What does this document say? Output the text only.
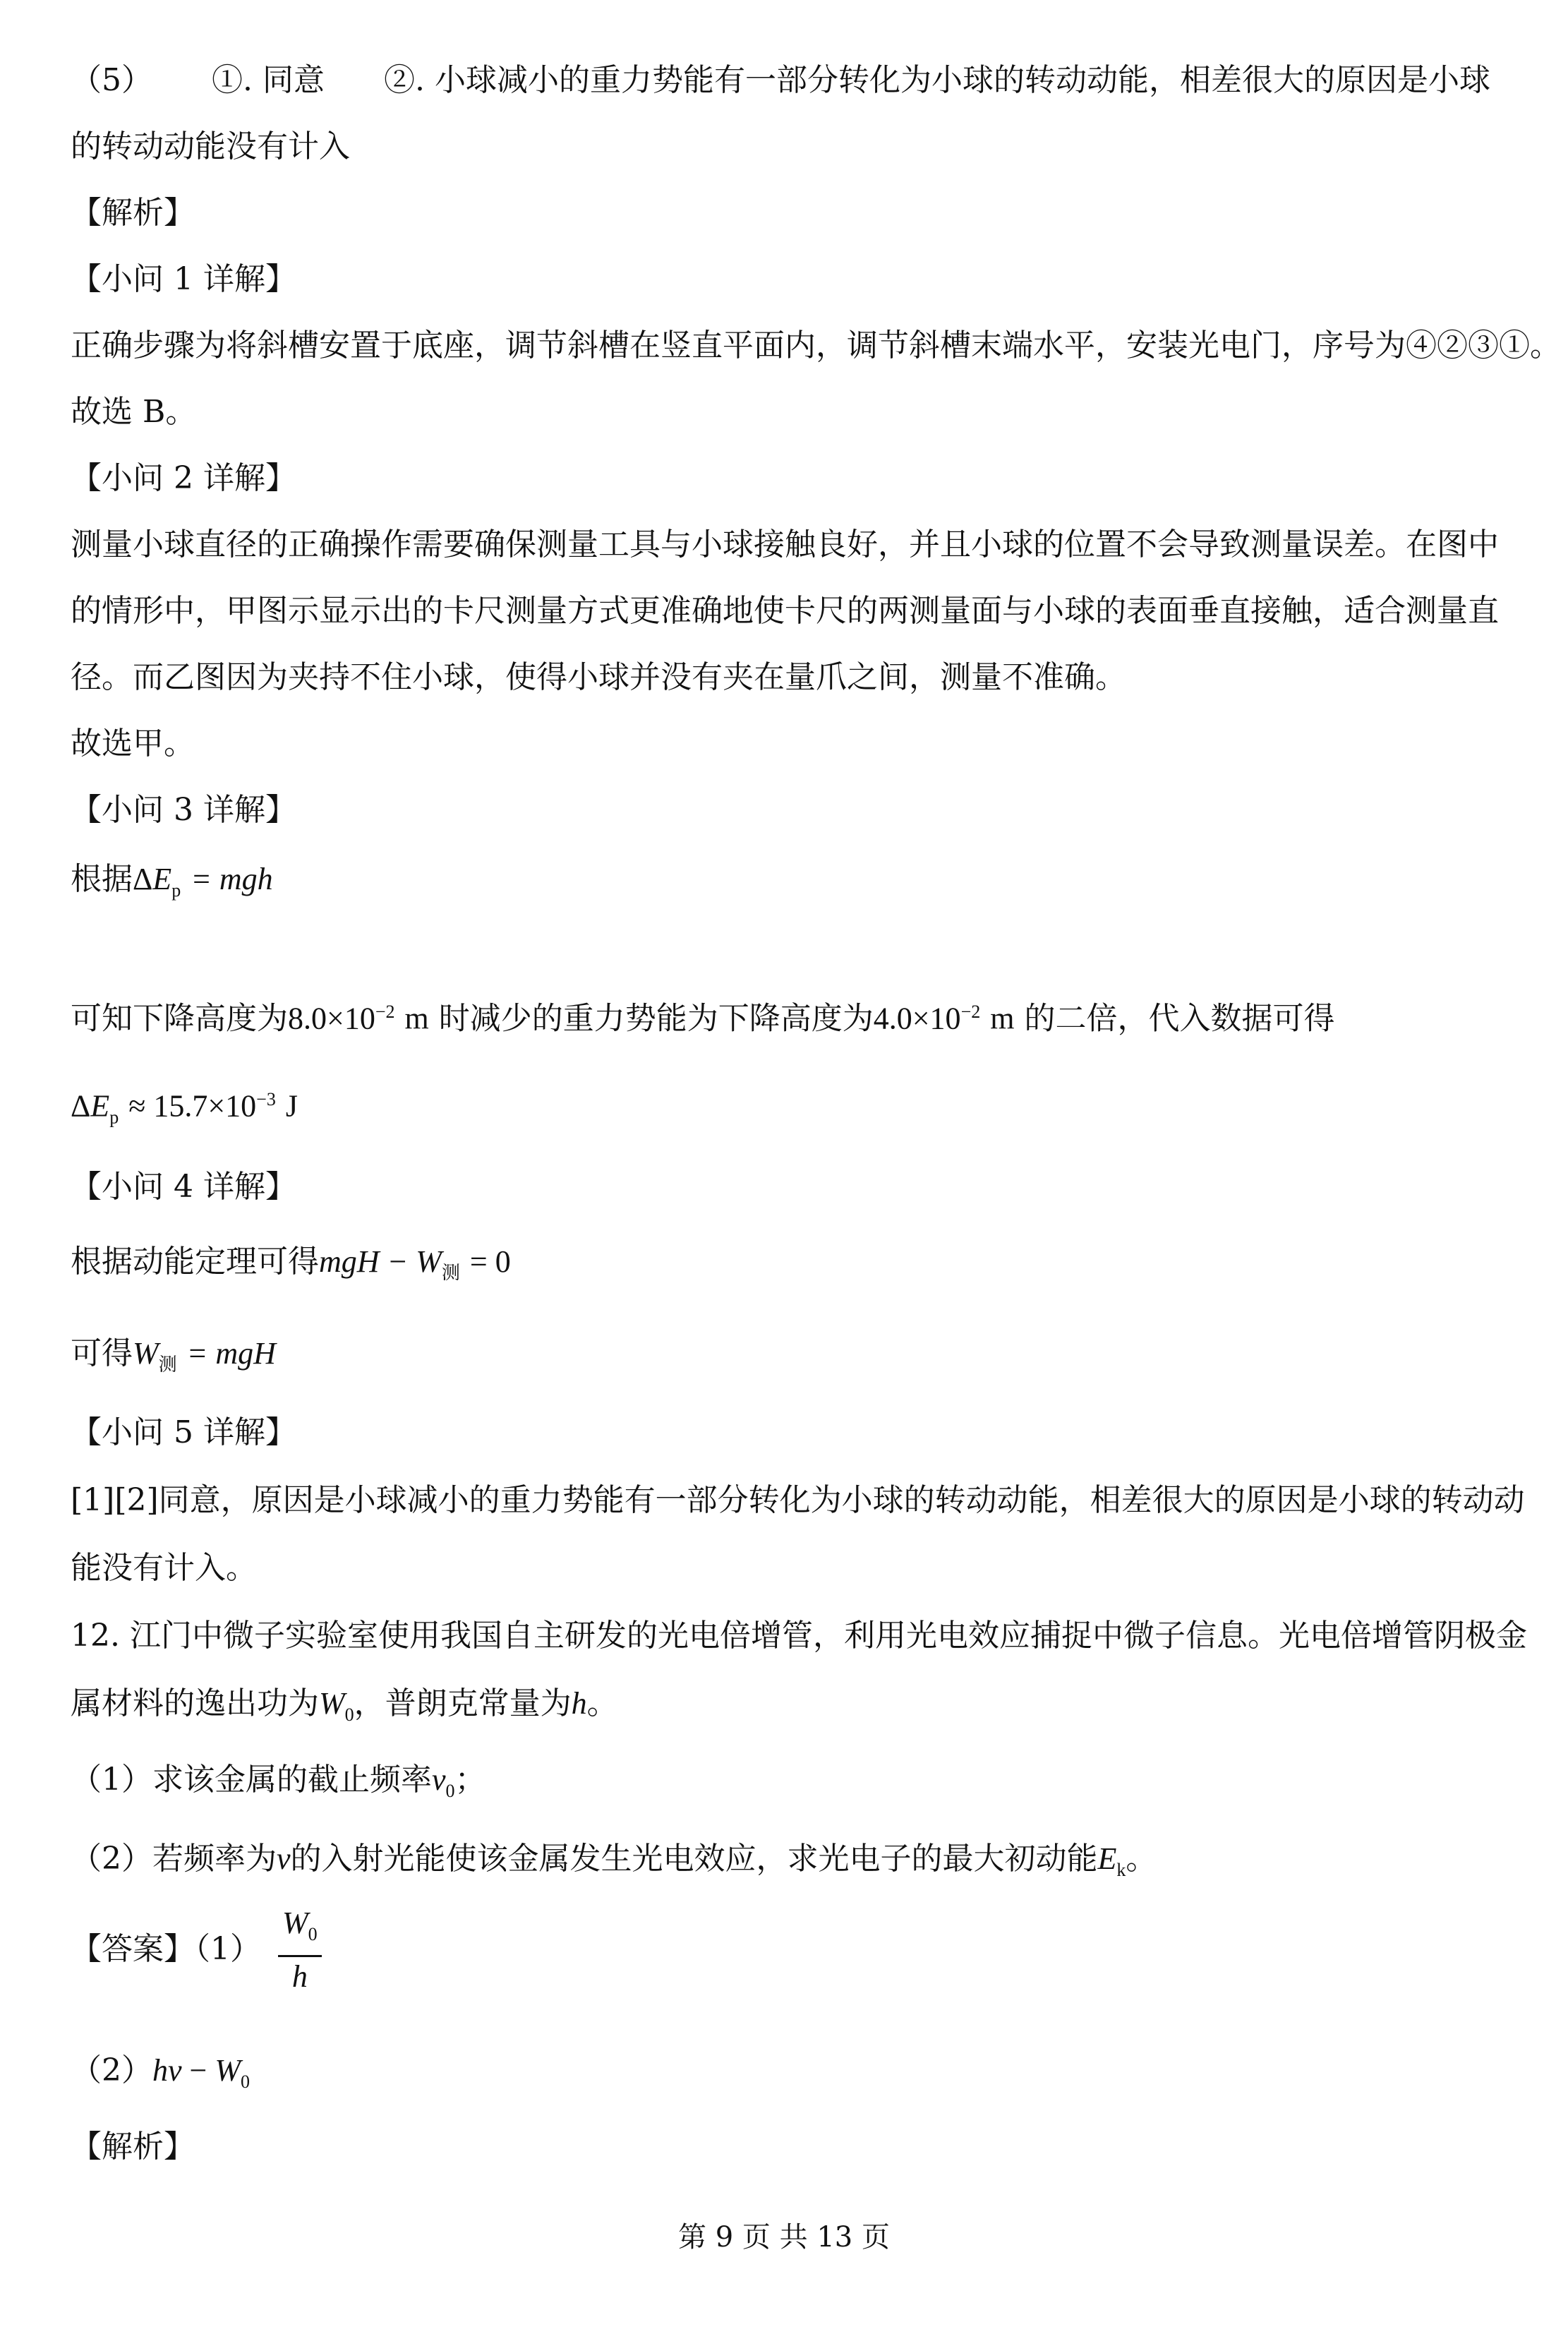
（5） ①. 同意 ②. 小球减小的重力势能有一部分转化为小球的转动动能，相差很大的原因是小球
的转动动能没有计入
【解析】
【小问 1 详解】
正确步骤为将斜槽安置于底座，调节斜槽在竖直平面内，调节斜槽末端水平，安装光电门，序号为④②③①。
故选 B。
【小问 2 详解】
测量小球直径的正确操作需要确保测量工具与小球接触良好，并且小球的位置不会导致测量误差。在图中
的情形中，甲图示显示出的卡尺测量方式更准确地使卡尺的两测量面与小球的表面垂直接触，适合测量直
径。而乙图因为夹持不住小球，使得小球并没有夹在量爪之间，测量不准确。
故选甲。
【小问 3 详解】
根据$\Delta E_p$ = mgh
可知下降高度为$8.0\times 10^{-2}$ m 时减少的重力势能为下降高度为$4.0\times 10^{-2}$ m 的二倍，代入数据可得
$\Delta E_p \approx 15.7\times 10^{-3}$ J
【小问 4 详解】
根据动能定理可得mgH − $W_测 = 0$
可得$W_测$ = mgH
【小问 5 详解】
[1][2]同意，原因是小球减小的重力势能有一部分转化为小球的转动动能，相差很大的原因是小球的转动动
能没有计入。
12. 江门中微子实验室使用我国自主研发的光电倍增管，利用光电效应捕捉中微子信息。光电倍增管阴极金
属材料的逸出功为$W_0$，普朗克常量为h。
（1）求该金属的截止频率$\nu_0$；
（2）若频率为ν的入射光能使该金属发生光电效应，求光电子的最大初动能$E_k$。
【答案】$(1) \frac{W_0}{h}$
$(2)h\nu - W_0$
【解析】
第 9 页 共 13 页
